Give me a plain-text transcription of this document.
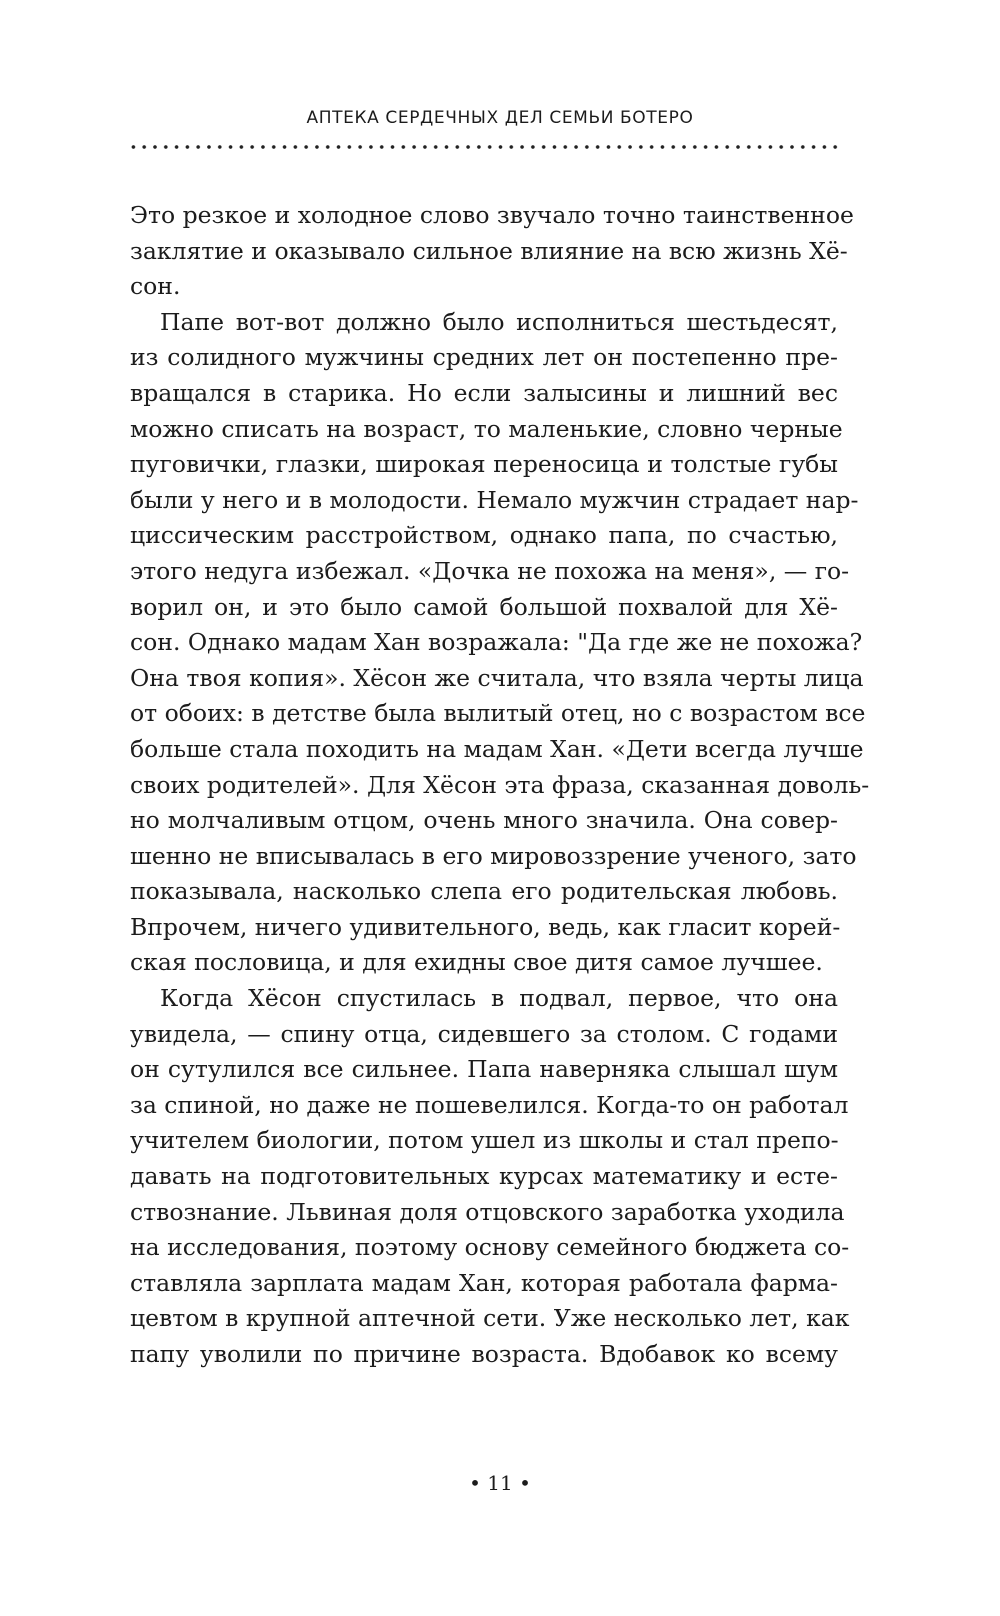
АПТЕКА СЕРДЕЧНЫХ ДЕЛ СЕМЬИ БОТЕРО
Это резкое и холодное слово звучало точно таинственное
заклятие и оказывало сильное влияние на всю жизнь Хё-
сон.
Папе вот-вот должно было исполниться шестьдесят,
из солидного мужчины средних лет он постепенно пре-
вращался в старика. Но если залысины и лишний вес
можно списать на возраст, то маленькие, словно черные
пуговички, глазки, широкая переносица и толстые губы
были у него и в молодости. Немало мужчин страдает нар-
циссическим расстройством, однако папа, по счастью,
этого недуга избежал. «Дочка не похожа на меня», — го-
ворил он, и это было самой большой похвалой для Хё-
сон. Однако мадам Хан возражала: "Да где же не похожа?
Она твоя копия». Хёсон же считала, что взяла черты лица
от обоих: в детстве была вылитый отец, но с возрастом все
больше стала походить на мадам Хан. «Дети всегда лучше
своих родителей». Для Хёсон эта фраза, сказанная доволь-
но молчаливым отцом, очень много значила. Она совер-
шенно не вписывалась в его мировоззрение ученого, зато
показывала, насколько слепа его родительская любовь.
Впрочем, ничего удивительного, ведь, как гласит корей-
ская пословица, и для ехидны свое дитя самое лучшее.
Когда Хёсон спустилась в подвал, первое, что она
увидела, — спину отца, сидевшего за столом. С годами
он сутулился все сильнее. Папа наверняка слышал шум
за спиной, но даже не пошевелился. Когда-то он работал
учителем биологии, потом ушел из школы и стал препо-
давать на подготовительных курсах математику и есте-
ствознание. Львиная доля отцовского заработка уходила
на исследования, поэтому основу семейного бюджета со-
ставляла зарплата мадам Хан, которая работала фарма-
цевтом в крупной аптечной сети. Уже несколько лет, как
папу уволили по причине возраста. Вдобавок ко всему
• 11 •
